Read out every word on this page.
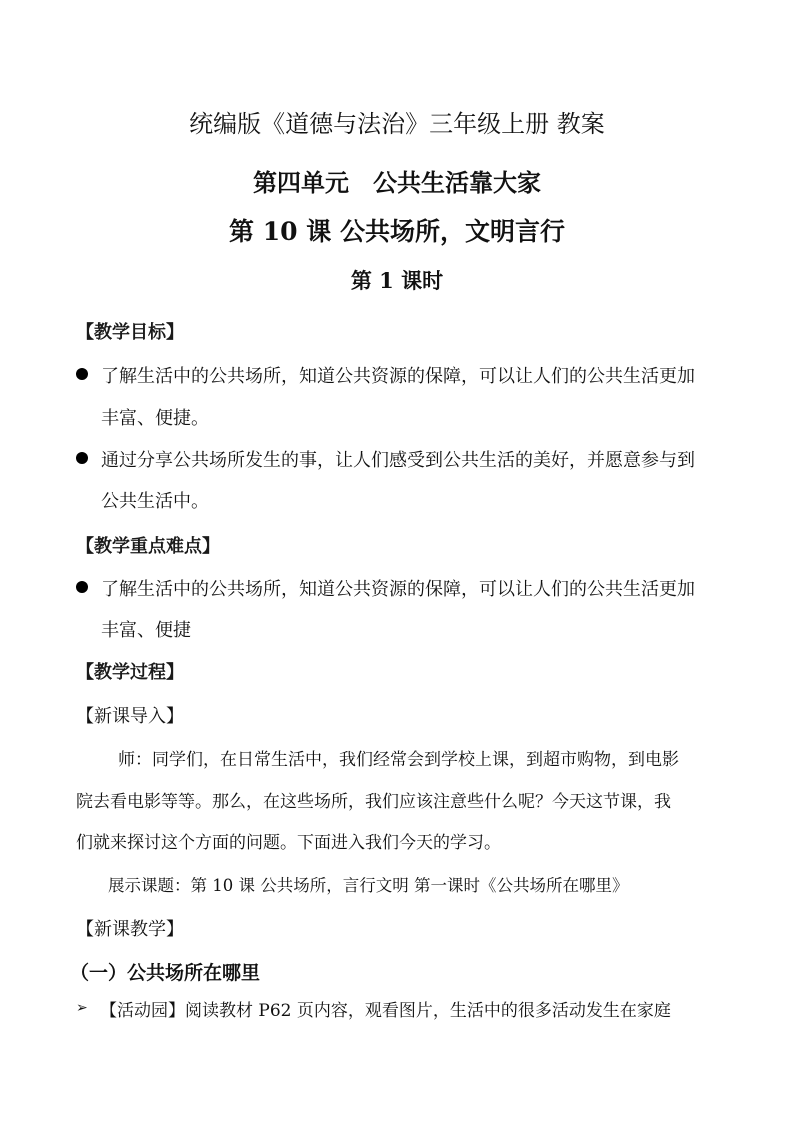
统编版《道德与法治》三年级上册 教案
第四单元　公共生活靠大家
第 10 课 公共场所，文明言行
第 1 课时
【教学目标】
了解生活中的公共场所，知道公共资源的保障，可以让人们的公共生活更加
丰富、便捷。
通过分享公共场所发生的事，让人们感受到公共生活的美好，并愿意参与到
公共生活中。
【教学重点难点】
了解生活中的公共场所，知道公共资源的保障，可以让人们的公共生活更加
丰富、便捷
【教学过程】
【新课导入】
师：同学们，在日常生活中，我们经常会到学校上课，到超市购物，到电影
院去看电影等等。那么，在这些场所，我们应该注意些什么呢？今天这节课，我
们就来探讨这个方面的问题。下面进入我们今天的学习。
展示课题：第 10 课 公共场所，言行文明 第一课时《公共场所在哪里》
【新课教学】
（一）公共场所在哪里
➢ 【活动园】阅读教材 P62 页内容，观看图片，生活中的很多活动发生在家庭
